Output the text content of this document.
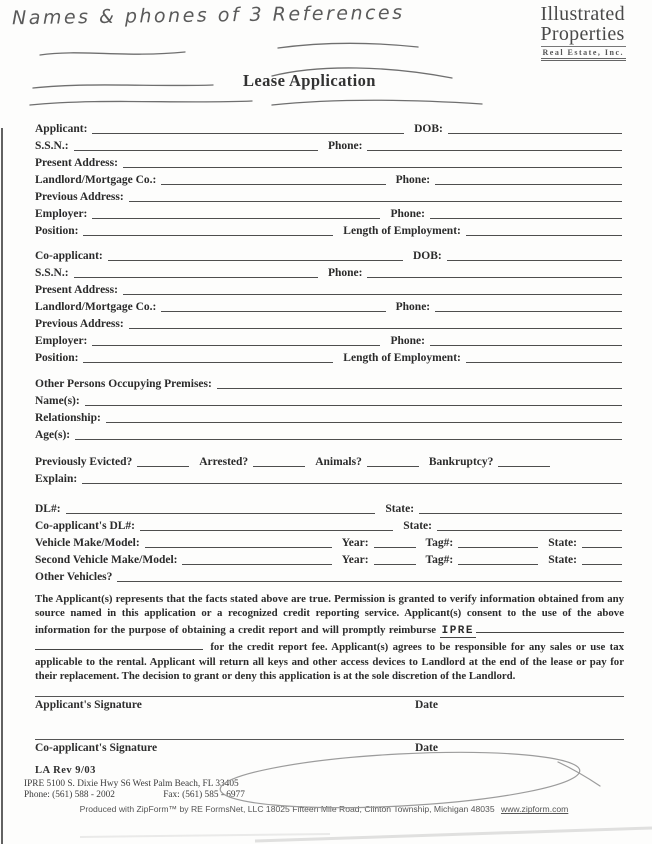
Names & phones of 3 References	Illustrated
Properties
Real Estate, Inc.
Lease Application
Applicant:	DOB:
S.S.N.:	Phone:
Present Address:
Landlord/Mortgage Co.:	Phone:
Previous Address:
Employer:	Phone:
Position:	Length of Employment:
Co-applicant:	DOB:
S.S.N.:	Phone:
Present Address:
Landlord/Mortgage Co.:	Phone:
Previous Address:
Employer:	Phone:
Position:	Length of Employment:
Other Persons Occupying Premises:
Name(s):
Relationship:
Age(s):
Previously Evicted?	Arrested?	Animals?	Bankruptcy?
Explain:
DL#:	State:
Co-applicant's DL#:	State:
Vehicle Make/Model:	Year:	Tag#:	State:
Second Vehicle Make/Model:	Year:	Tag#:	State:
Other Vehicles?

The Applicant(s) represents that the facts stated above are true. Permission is granted to verify information obtained from any source named in this application or a recognized credit reporting service. Applicant(s) consent to the use of the above information for the purpose of obtaining a credit report and will promptly reimburse IPRE for the credit report fee. Applicant(s) agrees to be responsible for any sales or use tax applicable to the rental. Applicant will return all keys and other access devices to Landlord at the end of the lease or pay for their replacement. The decision to grant or deny this application is at the sole discretion of the Landlord.

Applicant's Signature	Date
Co-applicant's Signature	Date
LA Rev 9/03
IPRE 5100 S. Dixie Hwy S6 West Palm Beach, FL 33405
Phone: (561) 588 - 2002	Fax: (561) 585 - 6977
Produced with ZipForm™ by RE FormsNet, LLC 18025 Fifteen Mile Road, Clinton Township, Michigan 48035 www.zipform.com
